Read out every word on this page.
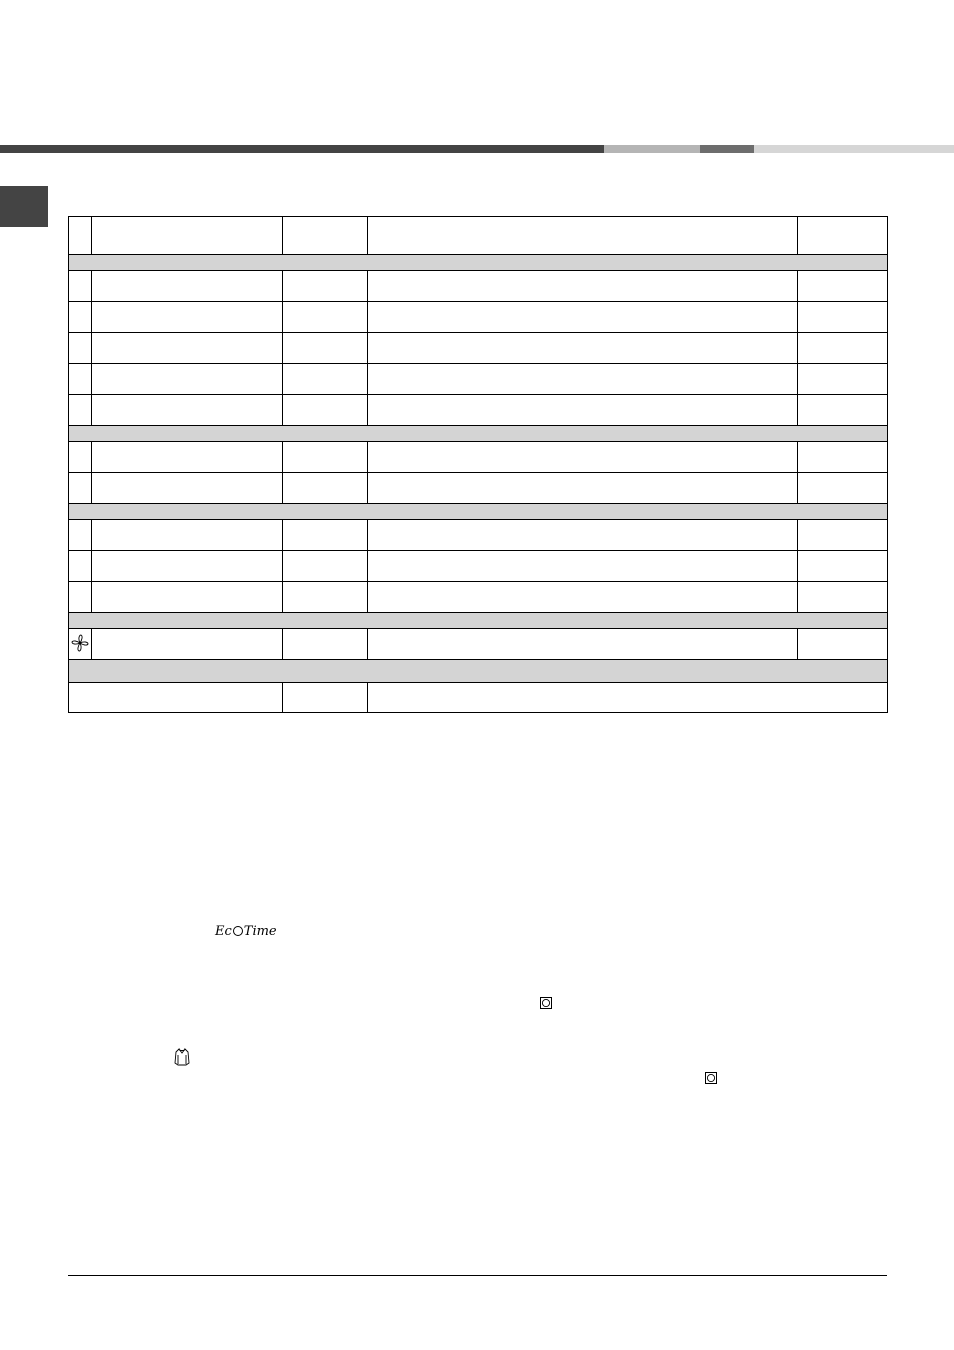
Ec Time
